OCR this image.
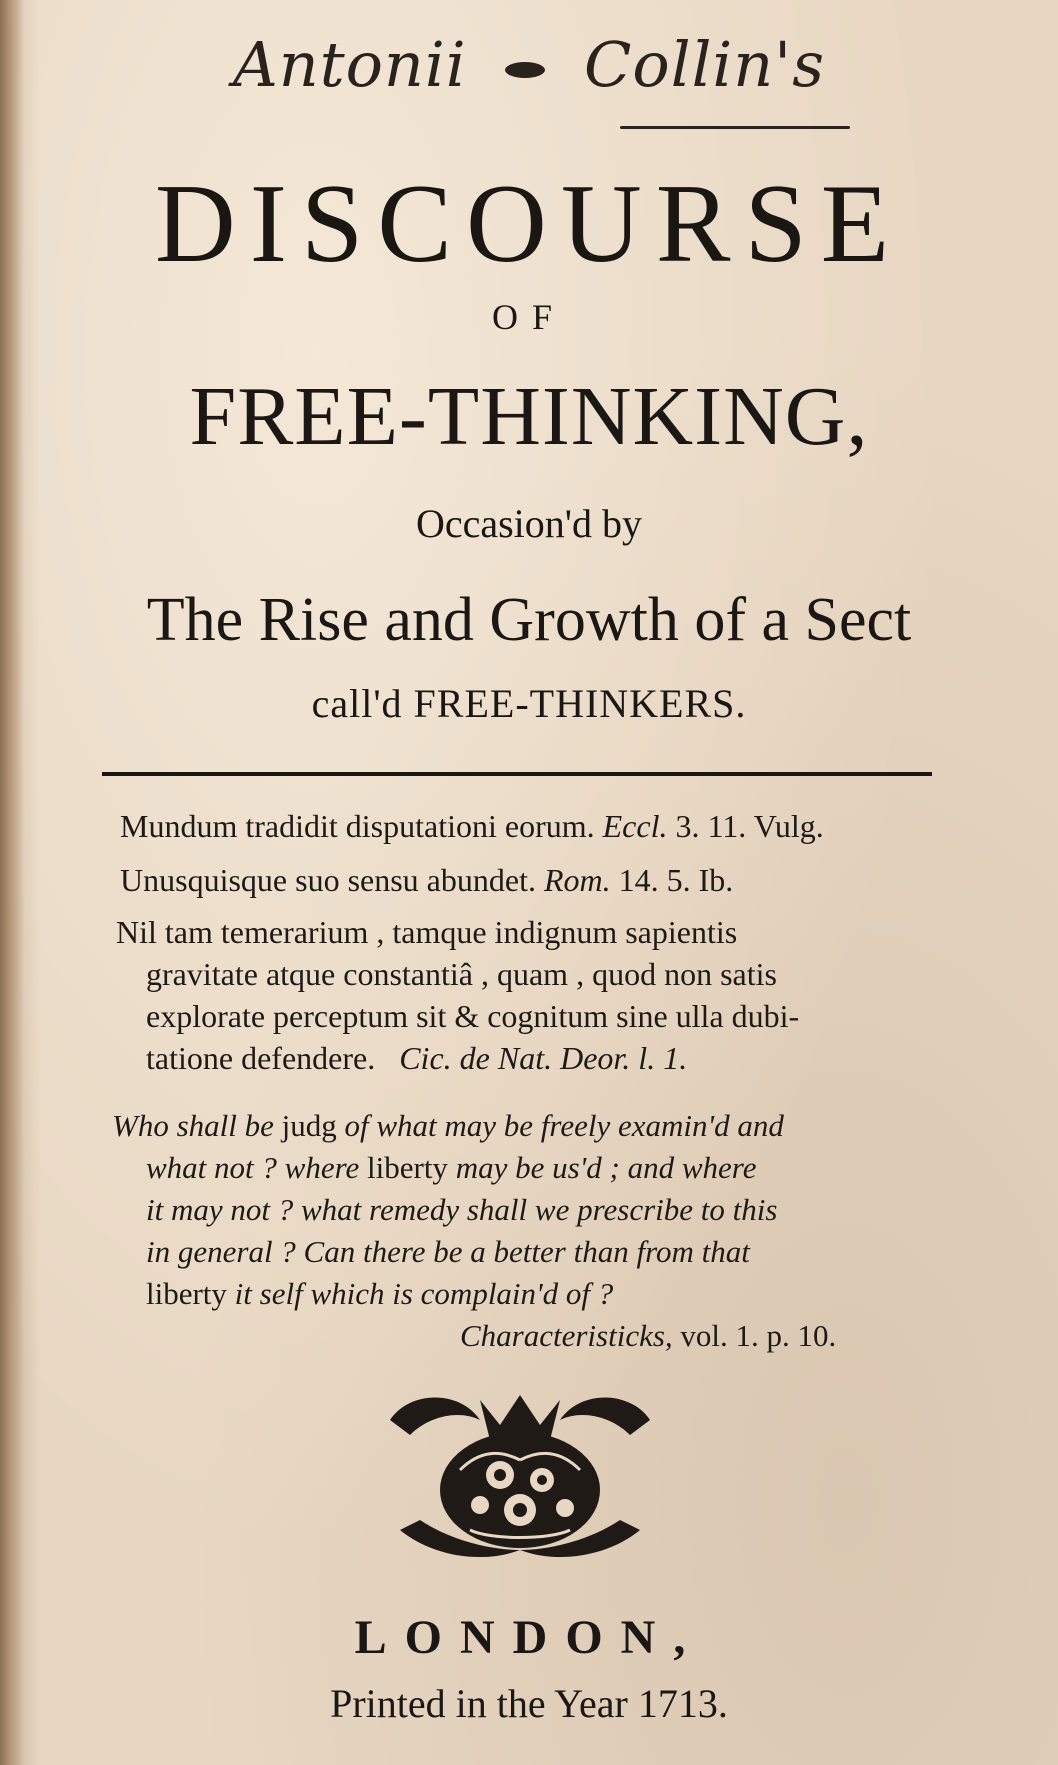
Antonii Collin's
DISCOURSE
OF
FREE-THINKING,
Occasion'd by
The Rise and Growth of a Sect
call'd FREE-THINKERS.
Mundum tradidit disputationi eorum. Eccl. 3. 11. Vulg.
Unusquisque suo sensu abundet. Rom. 14. 5. Ib.
Nil tam temerarium , tamque indignum sapientis
gravitate atque constantiâ , quam , quod non satis
explorate perceptum sit & cognitum sine ulla dubi-
tatione defendere. Cic. de Nat. Deor. l. 1.
Who shall be judg of what may be freely examin'd and
what not ? where liberty may be us'd ; and where
it may not ? what remedy shall we prescribe to this
in general ? Can there be a better than from that
liberty it self which is complain'd of ?
Characteristicks, vol. 1. p. 10.
LONDON,
Printed in the Year 1713.
